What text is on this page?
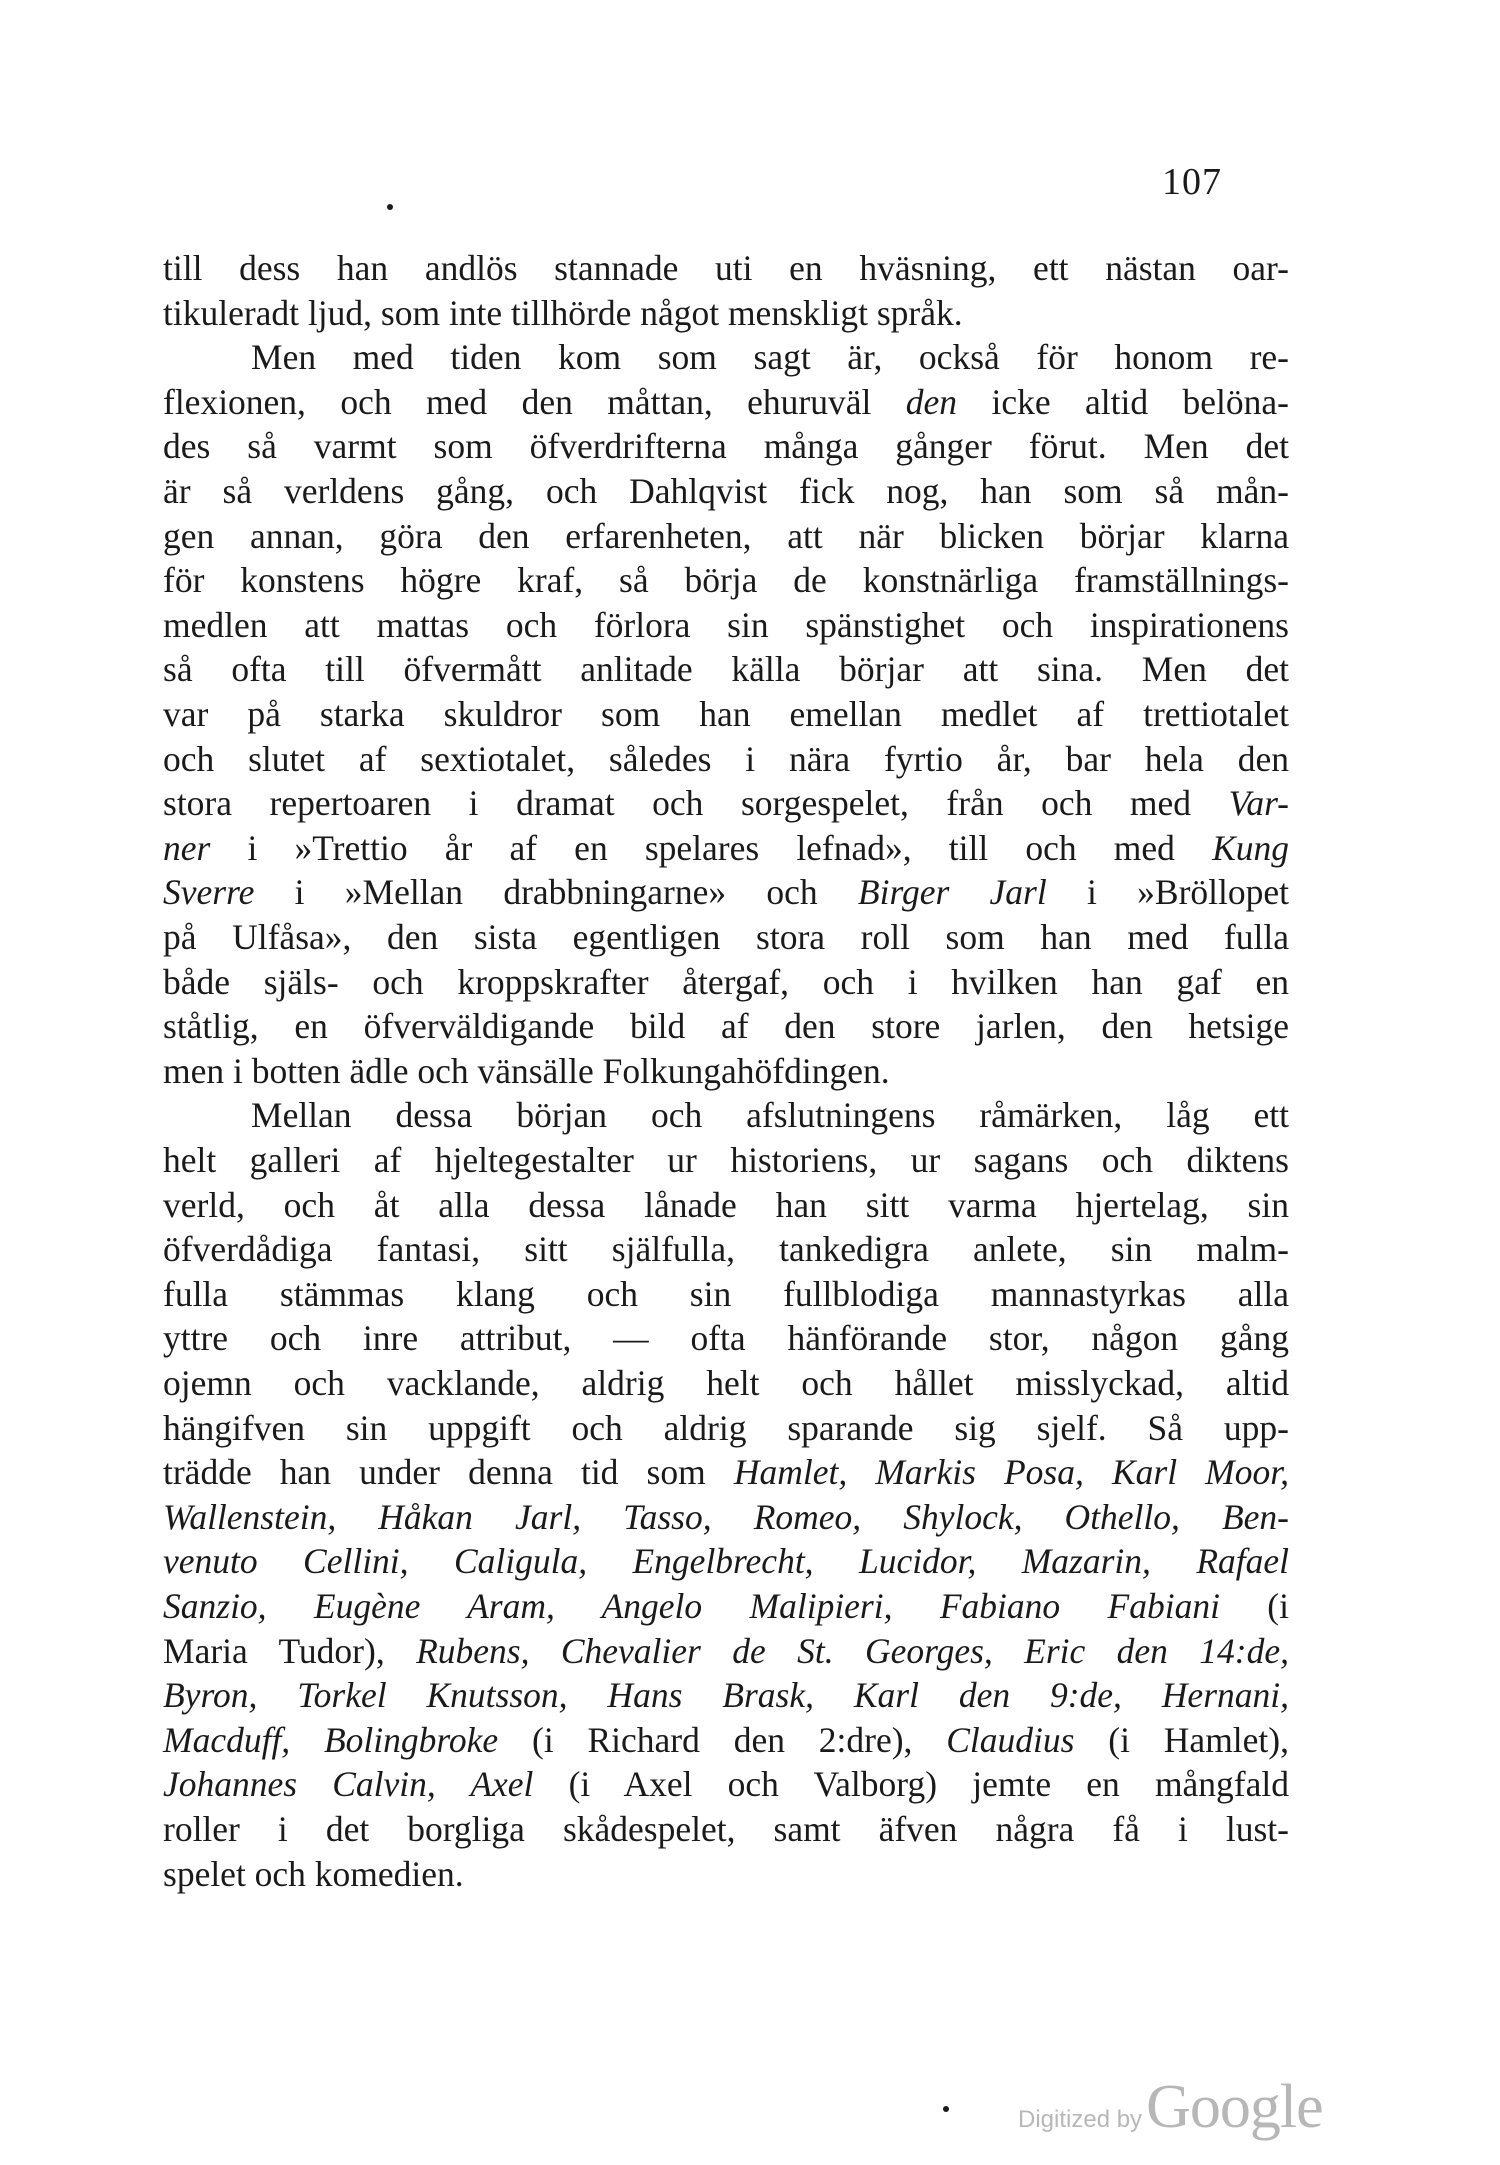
107
till dess han andlös stannade uti en hväsning, ett nästan oar-
tikuleradt ljud, som inte tillhörde något menskligt språk.
Men med tiden kom som sagt är, också för honom re-
flexionen, och med den måttan, ehuruväl den icke altid belöna-
des så varmt som öfverdrifterna många gånger förut. Men det
är så verldens gång, och Dahlqvist fick nog, han som så mån-
gen annan, göra den erfarenheten, att när blicken börjar klarna
för konstens högre kraf, så börja de konstnärliga framställnings-
medlen att mattas och förlora sin spänstighet och inspirationens
så ofta till öfvermått anlitade källa börjar att sina. Men det
var på starka skuldror som han emellan medlet af trettiotalet
och slutet af sextiotalet, således i nära fyrtio år, bar hela den
stora repertoaren i dramat och sorgespelet, från och med Var-
ner i »Trettio år af en spelares lefnad», till och med Kung
Sverre i »Mellan drabbningarne» och Birger Jarl i »Bröllopet
på Ulfåsa», den sista egentligen stora roll som han med fulla
både själs- och kroppskrafter återgaf, och i hvilken han gaf en
ståtlig, en öfverväldigande bild af den store jarlen, den hetsige
men i botten ädle och vänsälle Folkungahöfdingen.
Mellan dessa början och afslutningens råmärken, låg ett
helt galleri af hjeltegestalter ur historiens, ur sagans och diktens
verld, och åt alla dessa lånade han sitt varma hjertelag, sin
öfverdådiga fantasi, sitt själfulla, tankedigra anlete, sin malm-
fulla stämmas klang och sin fullblodiga mannastyrkas alla
yttre och inre attribut, — ofta hänförande stor, någon gång
ojemn och vacklande, aldrig helt och hållet misslyckad, altid
hängifven sin uppgift och aldrig sparande sig sjelf. Så upp-
trädde han under denna tid som Hamlet, Markis Posa, Karl Moor,
Wallenstein, Håkan Jarl, Tasso, Romeo, Shylock, Othello, Ben-
venuto Cellini, Caligula, Engelbrecht, Lucidor, Mazarin, Rafael
Sanzio, Eugène Aram, Angelo Malipieri, Fabiano Fabiani (i
Maria Tudor), Rubens, Chevalier de St. Georges, Eric den 14:de,
Byron, Torkel Knutsson, Hans Brask, Karl den 9:de, Hernani,
Macduff, Bolingbroke (i Richard den 2:dre), Claudius (i Hamlet),
Johannes Calvin, Axel (i Axel och Valborg) jemte en mångfald
roller i det borgliga skådespelet, samt äfven några få i lust-
spelet och komedien.
Digitized byGoogle
